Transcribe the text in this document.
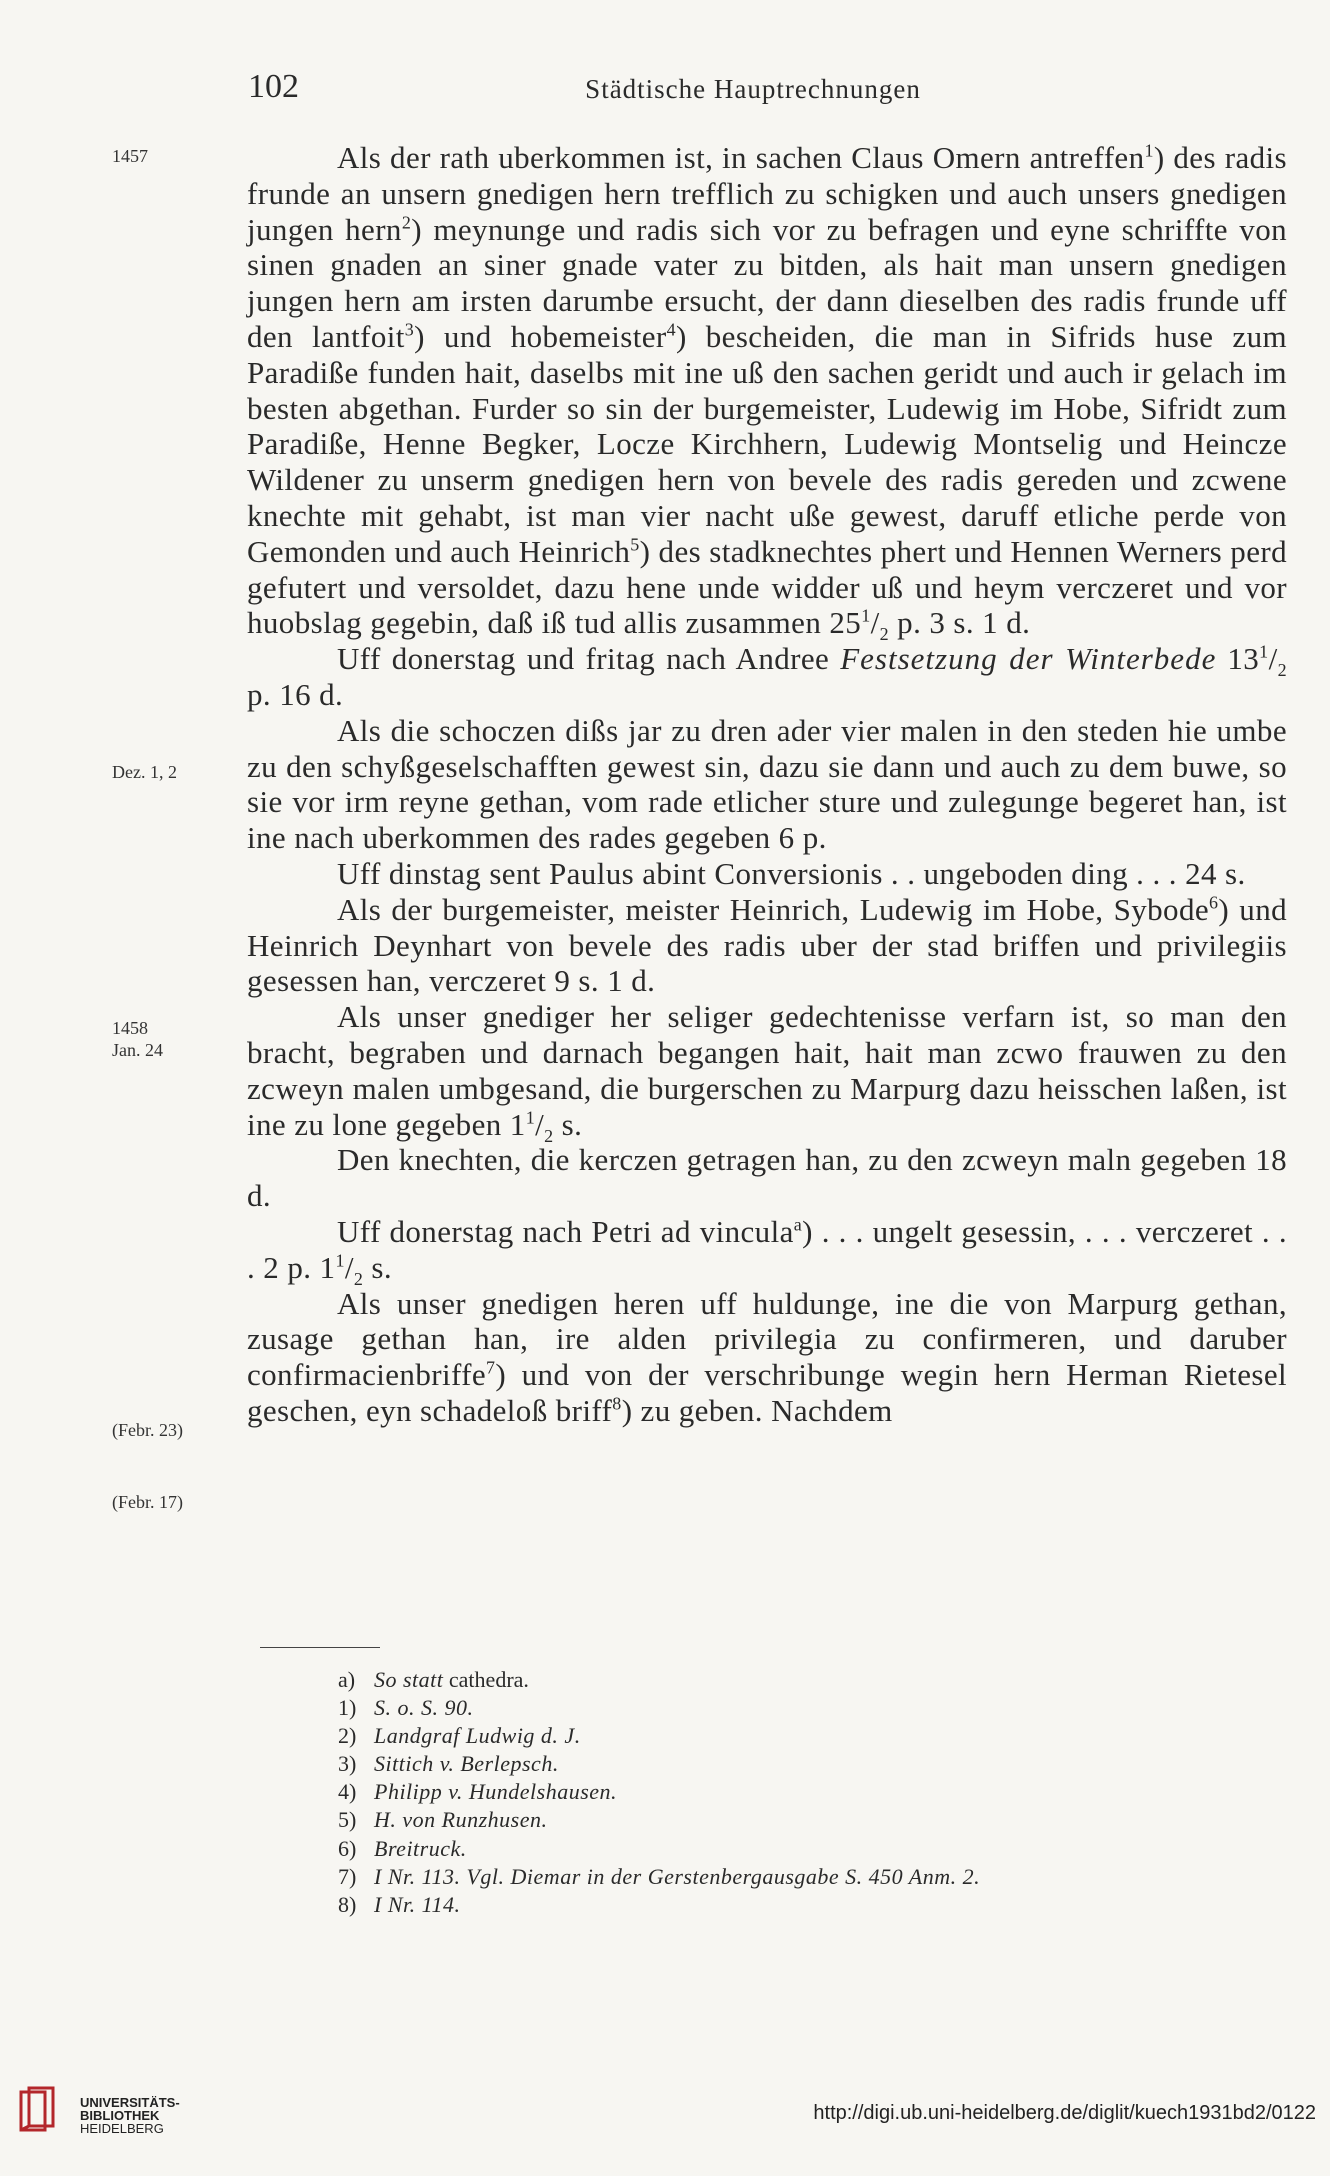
102	Städtische Hauptrechnungen
1457
Dez. 1, 2
1458
Jan. 24
(Febr. 23)
(Febr. 17)

Als der rath uberkommen ist, in sachen Claus Omern antreffen$^1$) des radis frunde an unsern gnedigen hern trefflich zu schigken und auch unsers gnedigen jungen hern$^2$) meynunge und radis sich vor zu befragen und eyne schriffte von sinen gnaden an siner gnade vater zu bitden, als hait man unsern gnedigen jungen hern am irsten darumbe ersucht, der dann dieselben des radis frunde uff den lantfoit$^3$) und hobemeister$^4$) bescheiden, die man in Sifrids huse zum Paradiße funden hait, daselbs mit ine uß den sachen geridt und auch ir gelach im besten abgethan. Furder so sin der burgemeister, Ludewig im Hobe, Sifridt zum Paradiße, Henne Begker, Locze Kirchhern, Ludewig Montselig und Heincze Wildener zu unserm gnedigen hern von bevele des radis gereden und zcwene knechte mit gehabt, ist man vier nacht uße gewest, daruff etliche perde von Gemonden und auch Heinrich$^5$) des stadknechtes phert und Hennen Werners perd gefutert und versoldet, dazu hene unde widder uß und heym verczeret und vor huobslag gegebin, daß iß tud allis zusammen $25^1/_2$ p. 3 s. 1 d.

Uff donerstag und fritag nach Andree Festsetzung der Winterbede $13^1/_2$ p. 16 d.

Als die schoczen dißs jar zu dren ader vier malen in den steden hie umbe zu den schyßgeselschafften gewest sin, dazu sie dann und auch zu dem buwe, so sie vor irm reyne gethan, vom rade etlicher sture und zulegunge begeret han, ist ine nach uberkommen des rades gegeben 6 p.

Uff dinstag sent Paulus abint Conversionis . . ungeboden ding . . . 24 s.

Als der burgemeister, meister Heinrich, Ludewig im Hobe, Sybode$^6$) und Heinrich Deynhart von bevele des radis uber der stad briffen und privilegiis gesessen han, verczeret 9 s. 1 d.

Als unser gnediger her seliger gedechtenisse verfarn ist, so man den bracht, begraben und darnach begangen hait, hait man zcwo frauwen zu den zcweyn malen umbgesand, die burgerschen zu Marpurg dazu heisschen laßen, ist ine zu lone gegeben $1^1/_2$ s.

Den knechten, die kerczen getragen han, zu den zcweyn maln gegeben 18 d.

Uff donerstag nach Petri ad vincula$^a$) . . . ungelt gesessin, . . . verczeret . . . 2 p. $1^1/_2$ s.

Als unser gnedigen heren uff huldunge, ine die von Marpurg gethan, zusage gethan han, ire alden privilegia zu confirmeren, und daruber confirmacienbriffe$^7$) und von der verschribunge wegin hern Herman Rietesel geschen, eyn schadeloß briff$^8$) zu geben. Nachdem

a) So statt cathedra.
1) S. o. S. 90.
2) Landgraf Ludwig d. J.
3) Sittich v. Berlepsch.
4) Philipp v. Hundelshausen.
5) H. von Runzhusen.
6) Breitruck.
7) I Nr. 113. Vgl. Diemar in der Gerstenbergausgabe S. 450 Anm. 2.
8) I Nr. 114.
UNIVERSITÄTS-
BIBLIOTHEK
HEIDELBERG
http://digi.ub.uni-heidelberg.de/diglit/kuech1931bd2/0122
